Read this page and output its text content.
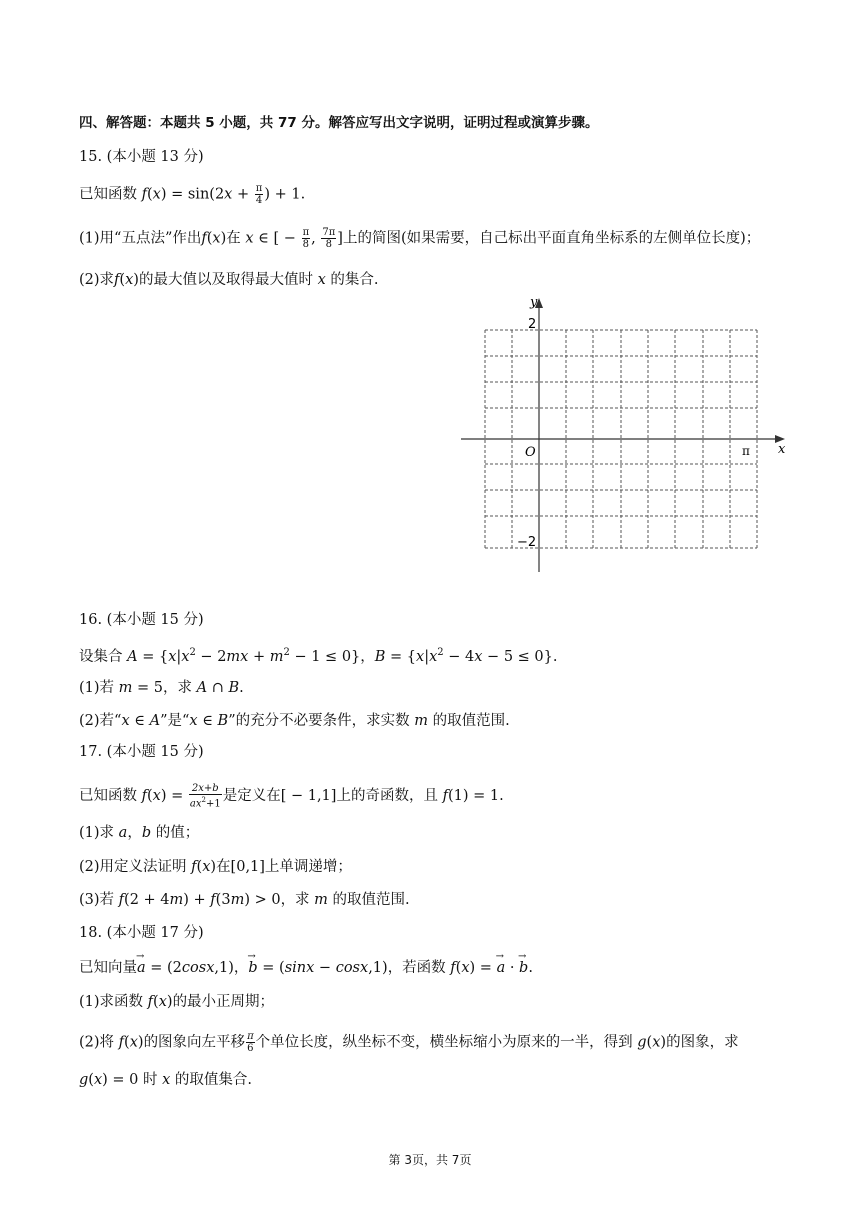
四、解答题：本题共 5 小题，共 77 分。解答应写出文字说明，证明过程或演算步骤。
15. (本小题 13 分)
已知函数 $f(x) = \sin(2x + \frac{\pi}{4}$ ) + 1.
(1)用“五点法”作出f(x)在 x ∈ [ − $\frac{\pi}{8}$ , $\frac{7\pi}{8}$ ]上的简图(如果需要，自己标出平面直角坐标系的左侧单位长度)；
(2)求f(x)的最大值以及取得最大值时 x 的集合.
y
x
O
2
−2
π
16. (本小题 15 分)
设集合 $A = \{x|x^2 - 2mx + m^2 - 1 \le 0\}$，$B = \{x|x^2 - 4x - 5 \le 0\}$.
(1)若 m = 5，求 A ∩ B.
(2)若“x ∈ A”是“x ∈ B”的充分不必要条件，求实数 m 的取值范围.
17. (本小题 15 分)
已知函数 $f(x) = \frac{2x+b}{ax^2+1}$ 是定义在[ − 1,1]上的奇函数，且 f(1) = 1.
(1)求 a，b 的值；
(2)用定义法证明 f(x)在[0,1]上单调递增；
(3)若 f(2 + 4m) + f(3m) > 0，求 m 的取值范围.
18. (本小题 17 分)
已知向量→ a = (2cosx,1)，→ b = (sinx − cosx,1)，若函数 f(x) = → a · → b.
(1)求函数 f(x)的最小正周期；
(2)将 f(x)的图象向左平移 $\frac{\pi}{6}$ 个单位长度，纵坐标不变，横坐标缩小为原来的一半，得到 g(x)的图象，求
g(x) = 0 时 x 的取值集合.
第 3页，共 7页
